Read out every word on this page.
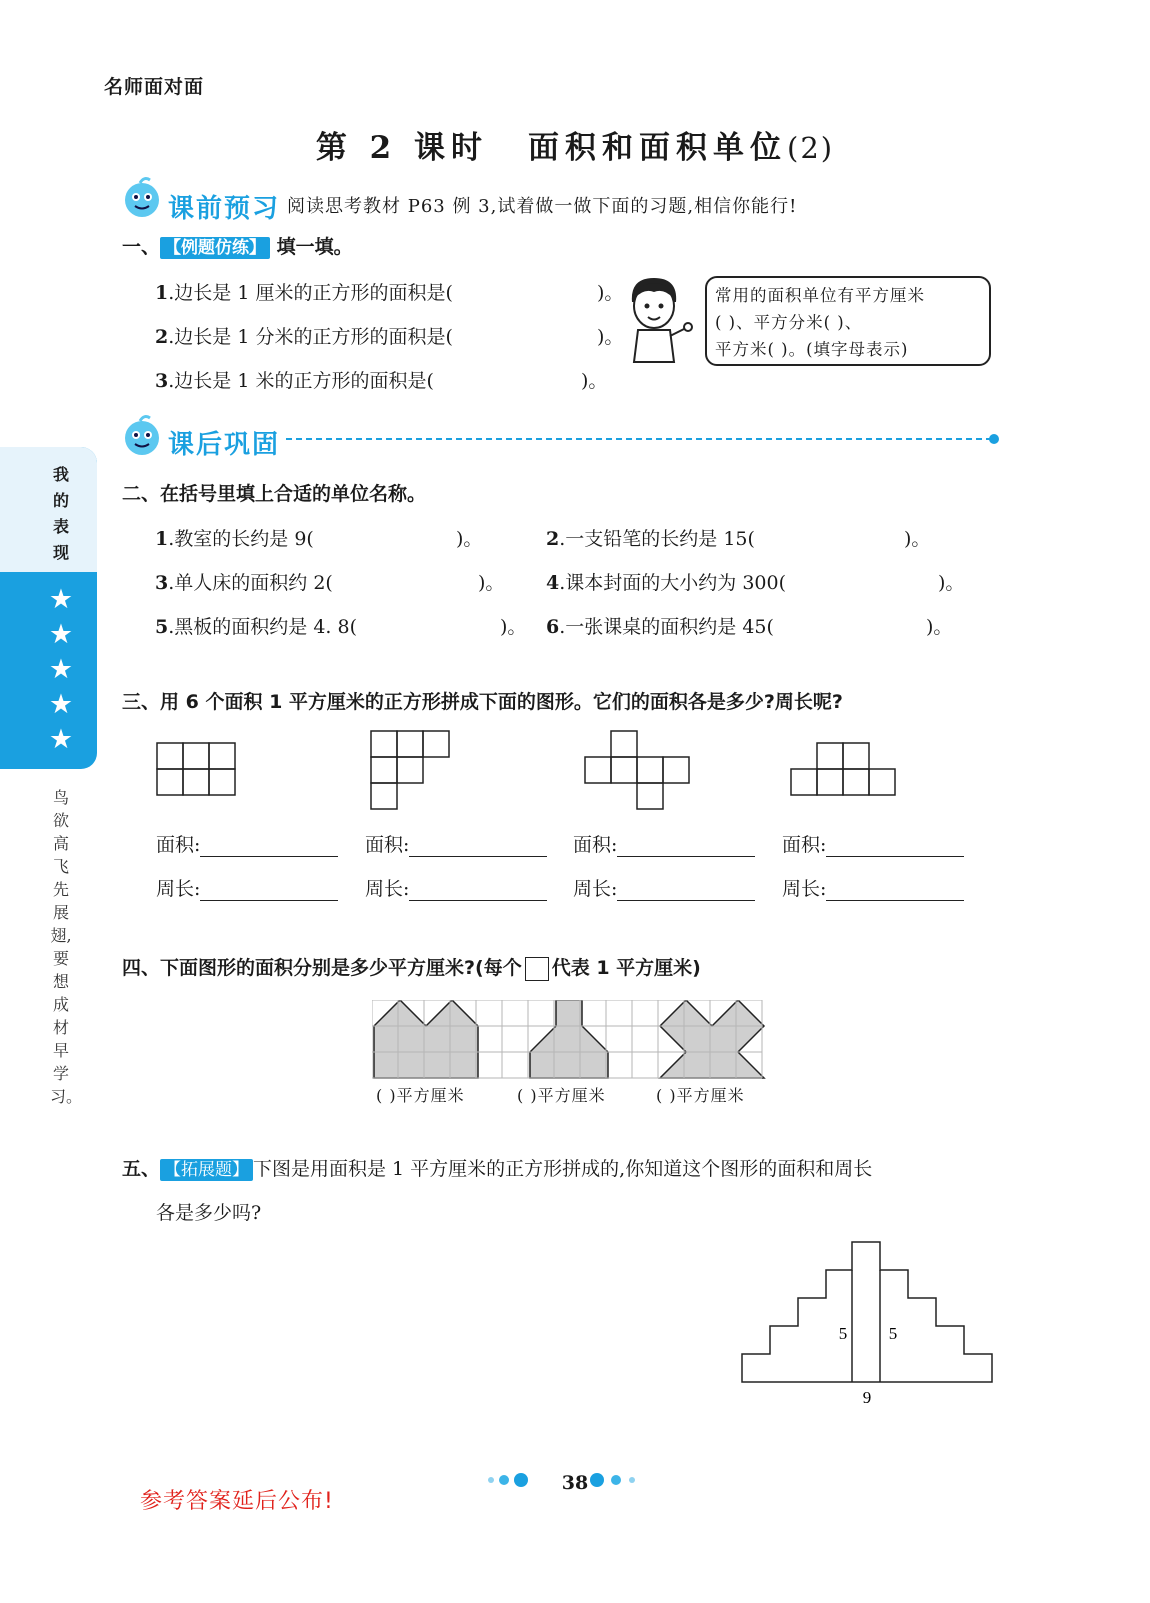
名师面对面
第 2 课时 面积和面积单位(2)
课前预习 阅读思考教材 P63 例 3,试着做一做下面的习题,相信你能行!
一、 【例题仿练】 填一填。
1.边长是 1 厘米的正方形的面积是(	)。
2.边长是 1 分米的正方形的面积是(	)。
3.边长是 1 米的正方形的面积是(	)。
常用的面积单位有平方厘米
( )、平方分米( )、
平方米( )。(填字母表示)
课后巩固
我的表现
★
★
★
★
★
鸟欲高飞先展翅,要想成材早学习。
二、在括号里填上合适的单位名称。
1.教室的长约是 9(	)。	2.一支铅笔的长约是 15(	)。
3.单人床的面积约 2(	)。 4.课本封面的大小约为 300(	)。
5.黑板的面积约是 4. 8(	)。 6.一张课桌的面积约是 45(	)。
三、用 6 个面积 1 平方厘米的正方形拼成下面的图形。它们的面积各是多少?周长呢?
面积:	面积:	面积:	面积:
周长:	周长:	周长:	周长:
四、下面图形的面积分别是多少平方厘米?(每个 代表 1 平方厘米)
( )平方厘米	( )平方厘米	( )平方厘米
五、 【拓展题】 下图是用面积是 1 平方厘米的正方形拼成的,你知道这个图形的面积和周长
各是多少吗?
5 5
9
38
参考答案延后公布!
